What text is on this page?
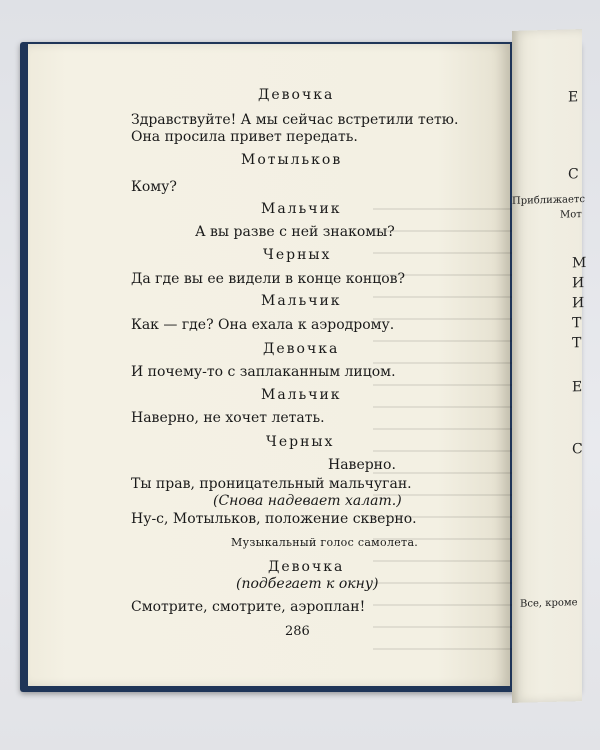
Девочка
Здравствуйте! А мы сейчас встретили тетю.
Она просила привет передать.
Мотыльков
Кому?
Мальчик
А вы разве с ней знакомы?
Черных
Да где вы ее видели в конце концов?
Мальчик
Как — где? Она ехала к аэродрому.
Девочка
И почему-то с заплаканным лицом.
Мальчик
Наверно, не хочет летать.
Черных
Наверно.
Ты прав, проницательный мальчуган.
(Снова надевает халат.)
Ну-с, Мотыльков, положение скверно.
Музыкальный голос самолета.
Девочка
(подбегает к окну)
Смотрите, смотрите, аэроплан!
286
Е
С
Приближаетс
Мот
М
И
И
Т
Т
Е
С
Все, кроме
